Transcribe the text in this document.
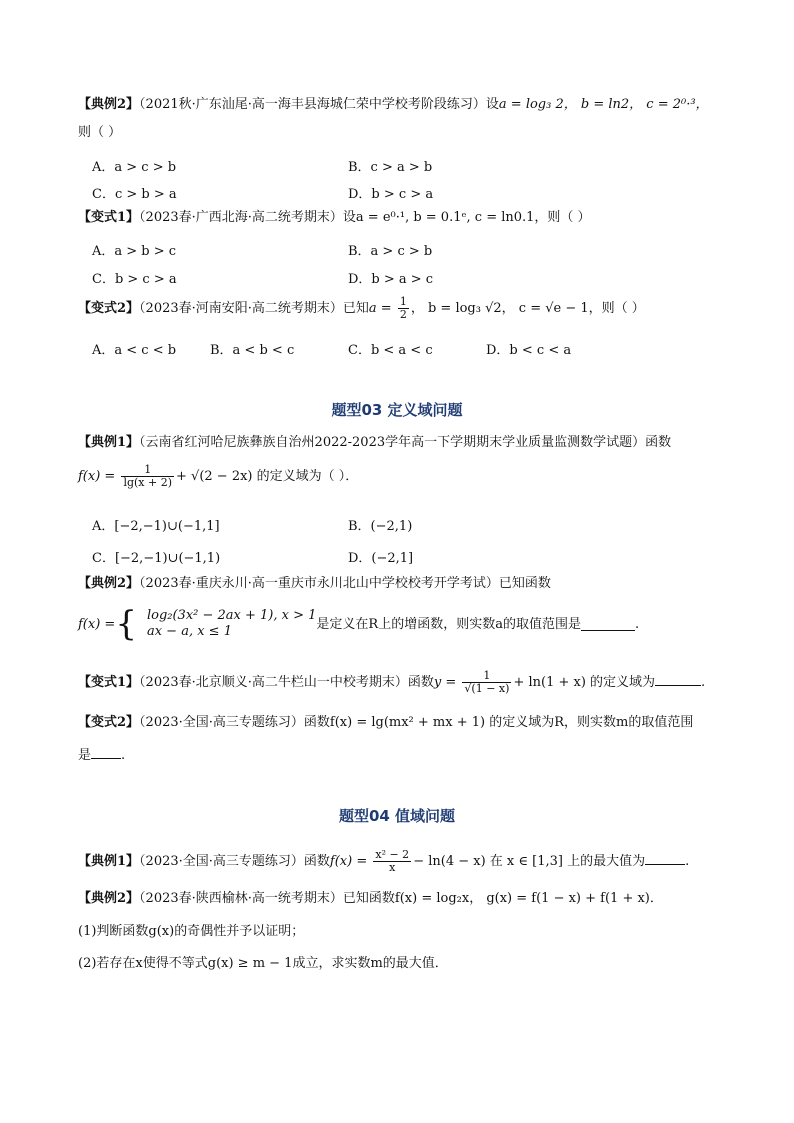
【典例2】（2021秋·广东汕尾·高一海丰县海城仁荣中学校考阶段练习）设a = log₃ 2， b = ln2， c = 2⁰·³，
则（ ）
A．a > c > b	B．c > a > b
C．c > b > a	D．b > c > a
【变式1】（2023春·广西北海·高二统考期末）设a = e⁰·¹, b = 0.1ᵉ, c = ln0.1，则（ ）
A．a > b > c	B．a > c > b
C．b > c > a	D．b > a > c
【变式2】（2023春·河南安阳·高二统考期末）已知$a = \frac{1}{2}$ ， b = log₃ √2， c = √e − 1，则（ ）
A．a < c < b	B．a < b < c	C．b < a < c	D．b < c < a
题型03 定义域问题
【典例1】（云南省红河哈尼族彝族自治州2022-2023学年高一下学期期末学业质量监测数学试题）函数
$f(x) = \frac{1}{\lg(x + 2)} + √(2 - 2x)$ 的定义域为（ ）．
A．[−2,−1)∪(−1,1]	B．(−2,1)
C．[−2,−1)∪(−1,1)	D．(−2,1]
【典例2】（2023春·重庆永川·高一重庆市永川北山中学校校考开学考试）已知函数
f(x) = { log₂(3x² − 2ax + 1), x > 1
ax − a, x ≤ 1	是定义在R上的增函数，则实数a的取值范围是	.
【变式1】（2023春·北京顺义·高二牛栏山一中校考期末）函数$y = \frac{1}{√(1 - x)} + \ln(1 + x)$ 的定义域为	.
【变式2】（2023·全国·高三专题练习）函数f(x) = lg(mx² + mx + 1) 的定义域为R，则实数m的取值范围
是 .
题型04 值域问题
【典例1】（2023·全国·高三专题练习）函数$f(x) = \frac{\text{x² − 2}}{x} - \ln(4 - x)$ 在 x ∈ [1,3] 上的最大值为	.
【典例2】（2023春·陕西榆林·高一统考期末）已知函数f(x) = log₂x， g(x) = f(1 − x) + f(1 + x)．
(1)判断函数g(x)的奇偶性并予以证明；
(2)若存在x使得不等式g(x) ≥ m − 1成立，求实数m的最大值．
